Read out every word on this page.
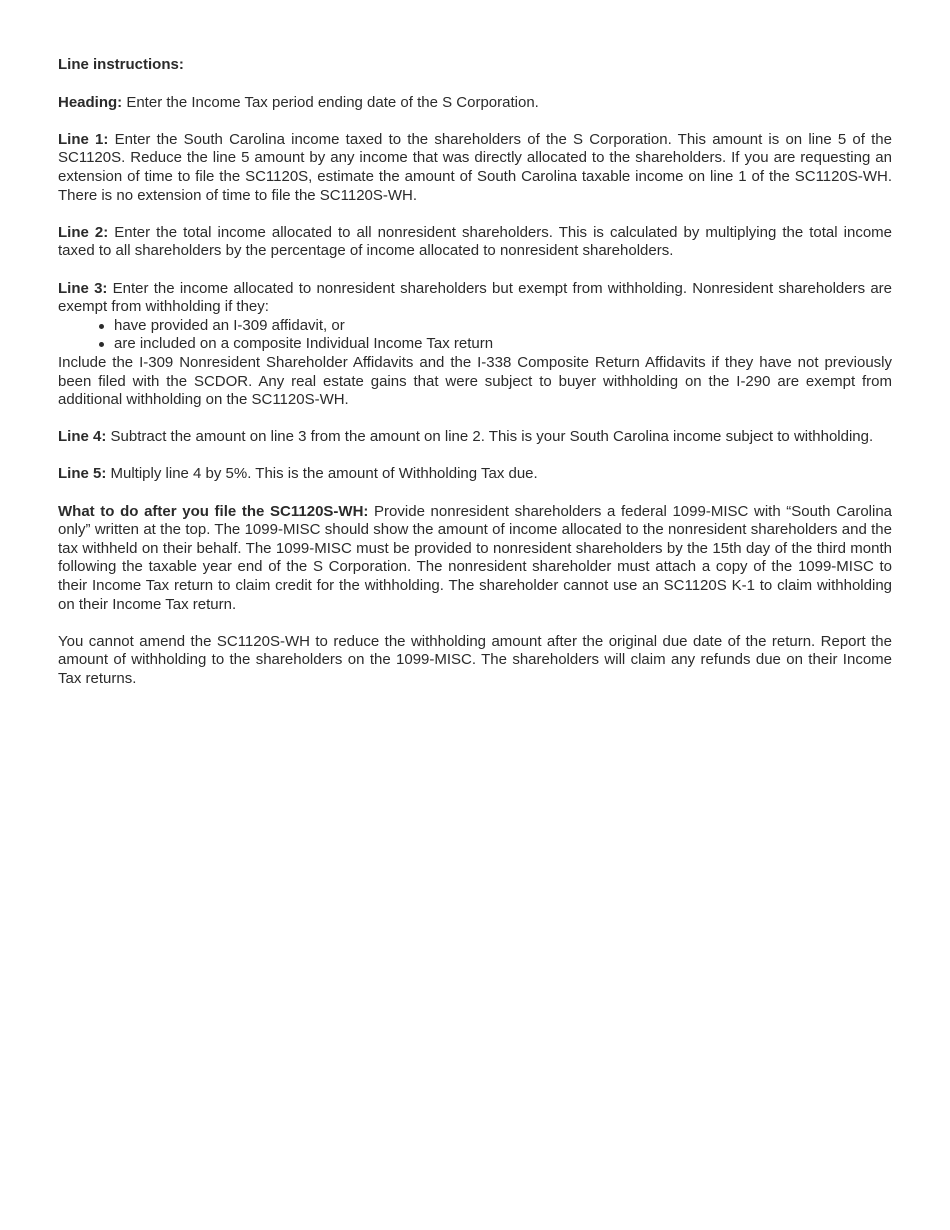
Line instructions:

Heading: Enter the Income Tax period ending date of the S Corporation.

Line 1: Enter the South Carolina income taxed to the shareholders of the S Corporation. This amount is on line 5 of the SC1120S. Reduce the line 5 amount by any income that was directly allocated to the shareholders. If you are requesting an extension of time to file the SC1120S, estimate the amount of South Carolina taxable income on line 1 of the SC1120S-WH. There is no extension of time to file the SC1120S-WH.

Line 2: Enter the total income allocated to all nonresident shareholders. This is calculated by multiplying the total income taxed to all shareholders by the percentage of income allocated to nonresident shareholders.

Line 3: Enter the income allocated to nonresident shareholders but exempt from withholding. Nonresident shareholders are exempt from withholding if they:

have provided an I-309 affidavit, or
are included on a composite Individual Income Tax return

Include the I-309 Nonresident Shareholder Affidavits and the I-338 Composite Return Affidavits if they have not previously been filed with the SCDOR. Any real estate gains that were subject to buyer withholding on the I-290 are exempt from additional withholding on the SC1120S-WH.

Line 4: Subtract the amount on line 3 from the amount on line 2. This is your South Carolina income subject to withholding.

Line 5: Multiply line 4 by 5%. This is the amount of Withholding Tax due.

What to do after you file the SC1120S-WH: Provide nonresident shareholders a federal 1099-MISC with “South Carolina only” written at the top. The 1099-MISC should show the amount of income allocated to the nonresident shareholders and the tax withheld on their behalf. The 1099-MISC must be provided to nonresident shareholders by the 15th day of the third month following the taxable year end of the S Corporation. The nonresident shareholder must attach a copy of the 1099-MISC to their Income Tax return to claim credit for the withholding. The shareholder cannot use an SC1120S K-1 to claim withholding on their Income Tax return.

You cannot amend the SC1120S-WH to reduce the withholding amount after the original due date of the return. Report the amount of withholding to the shareholders on the 1099-MISC. The shareholders will claim any refunds due on their Income Tax returns.
